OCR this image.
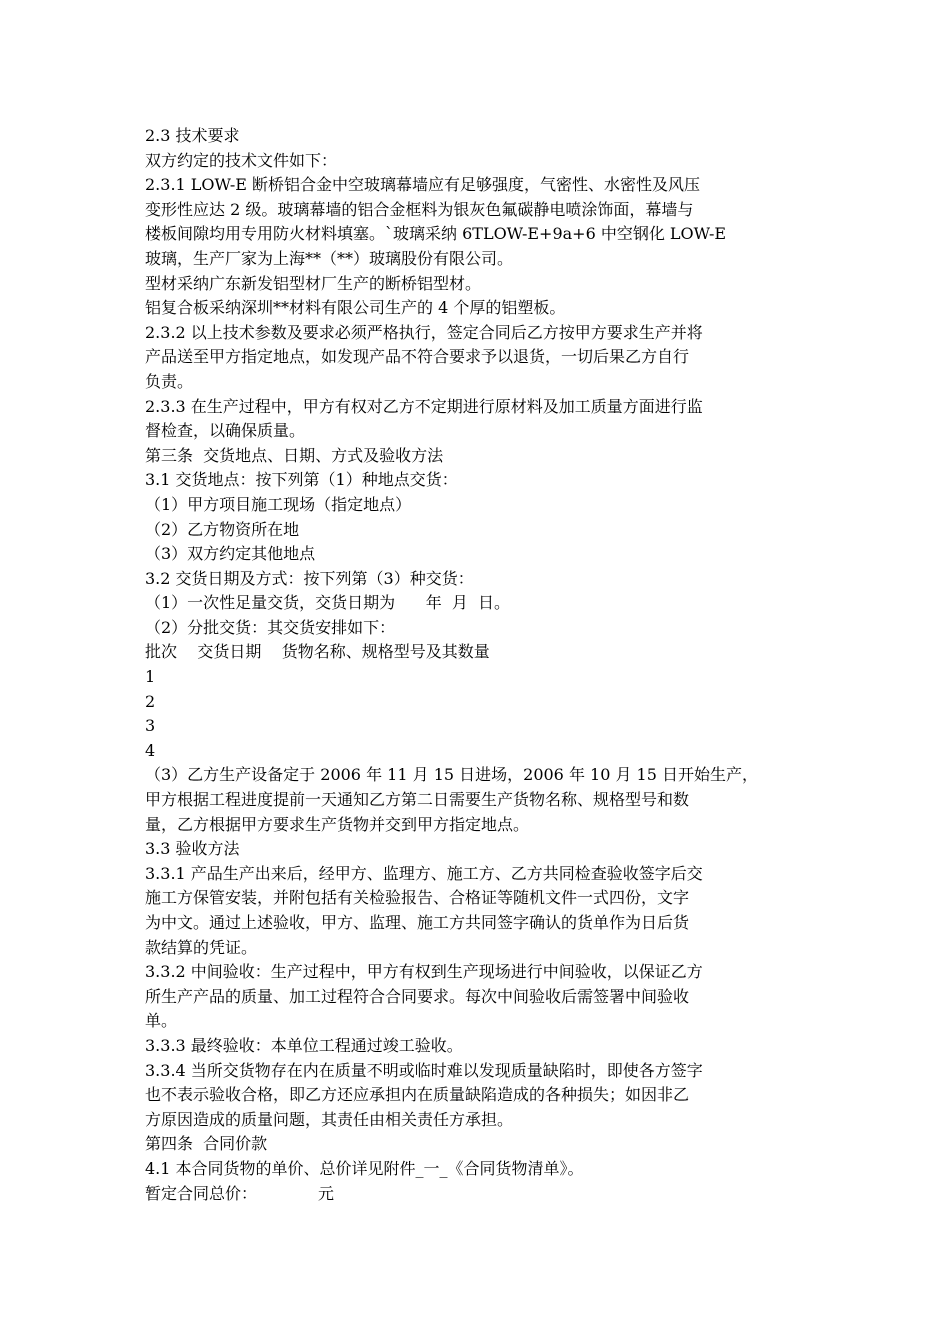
2.3 技术要求
双方约定的技术文件如下：
2.3.1 LOW-E 断桥铝合金中空玻璃幕墙应有足够强度，气密性、水密性及风压
变形性应达 2 级。玻璃幕墙的铝合金框料为银灰色氟碳静电喷涂饰面，幕墙与
楼板间隙均用专用防火材料填塞。`玻璃采纳 6TLOW-E+9a+6 中空钢化 LOW-E
玻璃，生产厂家为上海**（**）玻璃股份有限公司。
型材采纳广东新发铝型材厂生产的断桥铝型材。
铝复合板采纳深圳**材料有限公司生产的 4 个厚的铝塑板。
2.3.2 以上技术参数及要求必须严格执行，签定合同后乙方按甲方要求生产并将
产品送至甲方指定地点，如发现产品不符合要求予以退货，一切后果乙方自行
负责。
2.3.3 在生产过程中，甲方有权对乙方不定期进行原材料及加工质量方面进行监
督检查，以确保质量。
第三条  交货地点、日期、方式及验收方法
3.1 交货地点：按下列第（1）种地点交货：
（1）甲方项目施工现场（指定地点）
（2）乙方物资所在地
（3）双方约定其他地点
3.2 交货日期及方式：按下列第（3）种交货：
（1）一次性足量交货，交货日期为      年  月  日。
（2）分批交货：其交货安排如下：
批次    交货日期    货物名称、规格型号及其数量
1
2
3
4
（3）乙方生产设备定于 2006 年 11 月 15 日进场，2006 年 10 月 15 日开始生产，
甲方根据工程进度提前一天通知乙方第二日需要生产货物名称、规格型号和数
量，乙方根据甲方要求生产货物并交到甲方指定地点。
3.3 验收方法
3.3.1 产品生产出来后，经甲方、监理方、施工方、乙方共同检查验收签字后交
施工方保管安装，并附包括有关检验报告、合格证等随机文件一式四份，文字
为中文。通过上述验收，甲方、监理、施工方共同签字确认的货单作为日后货
款结算的凭证。
3.3.2 中间验收：生产过程中，甲方有权到生产现场进行中间验收，以保证乙方
所生产产品的质量、加工过程符合合同要求。每次中间验收后需签署中间验收
单。
3.3.3 最终验收：本单位工程通过竣工验收。
3.3.4 当所交货物存在内在质量不明或临时难以发现质量缺陷时，即使各方签字
也不表示验收合格，即乙方还应承担内在质量缺陷造成的各种损失；如因非乙
方原因造成的质量问题，其责任由相关责任方承担。
第四条  合同价款
4.1 本合同货物的单价、总价详见附件_一_《合同货物清单》。
暂定合同总价：            元
